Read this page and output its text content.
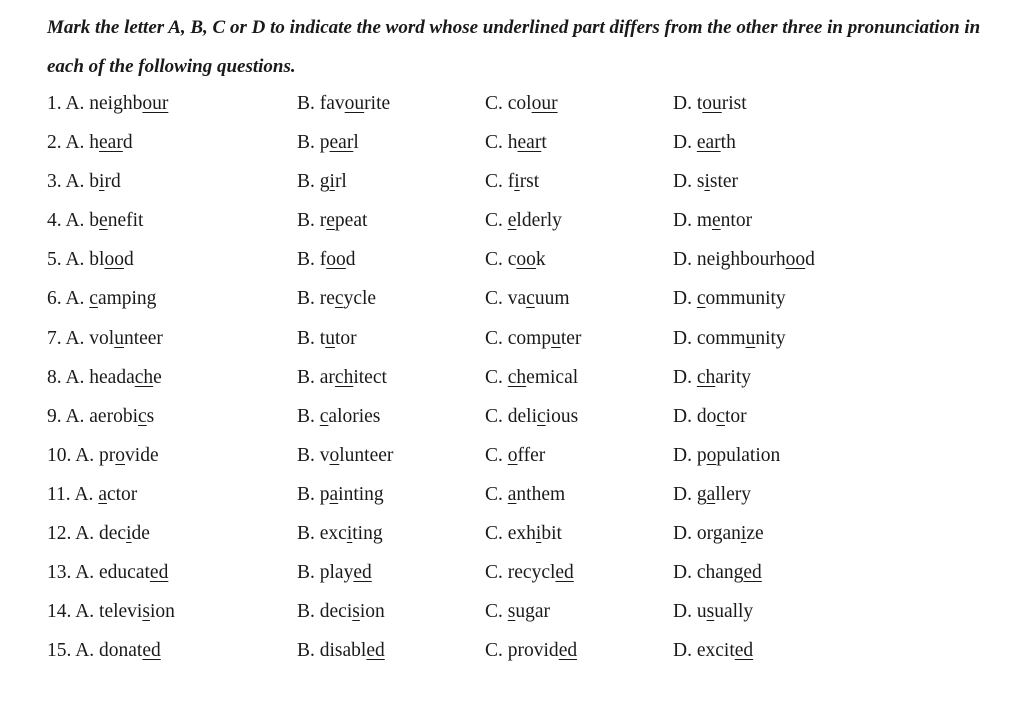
Mark the letter A, B, C or D to indicate the word whose underlined part differs from the other three in pronunciation in each of the following questions.

1. A. neighbour	B. favourite	C. colour	D. tourist
2. A. heard	B. pearl	C. heart	D. earth
3. A. bird	B. girl	C. first	D. sister
4. A. benefit	B. repeat	C. elderly	D. mentor
5. A. blood	B. food	C. cook	D. neighbourhood
6. A. camping	B. recycle	C. vacuum	D. community
7. A. volunteer	B. tutor	C. computer	D. community
8. A. headache	B. architect	C. chemical	D. charity
9. A. aerobics	B. calories	C. delicious	D. doctor
10. A. provide	B. volunteer	C. offer	D. population
11. A. actor	B. painting	C. anthem	D. gallery
12. A. decide	B. exciting	C. exhibit	D. organize
13. A. educated	B. played	C. recycled	D. changed
14. A. television	B. decision	C. sugar	D. usually
15. A. donated	B. disabled	C. provided	D. excited
